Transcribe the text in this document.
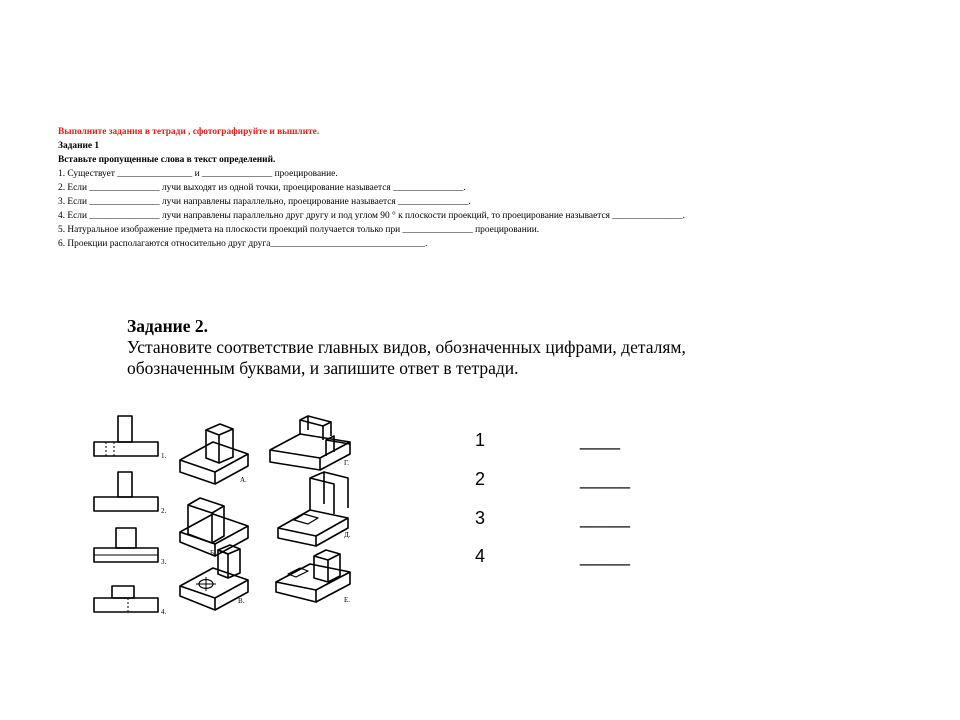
Выполните задания в тетради , сфотографируйте и вышлите.

Задание 1

Вставьте пропущенные слова в текст определений.

1. Существует ________________ и _______________ проецирование.

2. Если _______________ лучи выходят из одной точки, проецирование называется _______________.

3. Если _______________ лучи направлены параллельно, проецирование называется _______________.

4. Если _______________ лучи направлены параллельно друг другу и под углом 90 ° к плоскости проекций, то проецирование называется _______________.

5. Натуральное изображение предмета на плоскости проекций получается только при _______________ проецировании.

6. Проекции располагаются относительно друг друга_________________________________.

Задание 2.

Установите соответствие главных видов, обозначенных цифрами, деталям,

обозначенным буквами, и запишите ответ в тетради.

1.
2.
3.
4.
А.
Б.
В.
Г.
Д.
Е.
1	____
2	_____
3	_____
4	_____
